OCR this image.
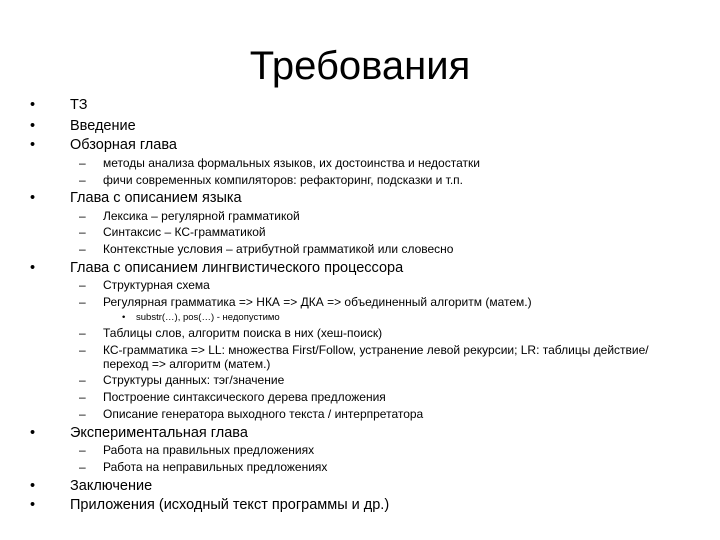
Требования
• ТЗ
• Введение
• Обзорная глава
– методы анализа формальных языков, их достоинства и недостатки
– фичи современных компиляторов: рефакторинг, подсказки и т.п.
• Глава с описанием языка
– Лексика – регулярной грамматикой
– Синтаксис – КС-грамматикой
– Контекстные условия – атрибутной грамматикой или словесно
• Глава с описанием лингвистического процессора
– Структурная схема
– Регулярная грамматика => НКА => ДКА => объединенный алгоритм (матем.)
• substr(…), pos(…) - недопустимо
– Таблицы слов, алгоритм поиска в них (хеш-поиск)
– КС-грамматика => LL: множества First/Follow, устранение левой рекурсии; LR: таблицы действие/переход => алгоритм (матем.)
– Структуры данных: тэг/значение
– Построение синтаксического дерева предложения
– Описание генератора выходного текста / интерпретатора
• Экспериментальная глава
– Работа на правильных предложениях
– Работа на неправильных предложениях
• Заключение
• Приложения (исходный текст программы и др.)
